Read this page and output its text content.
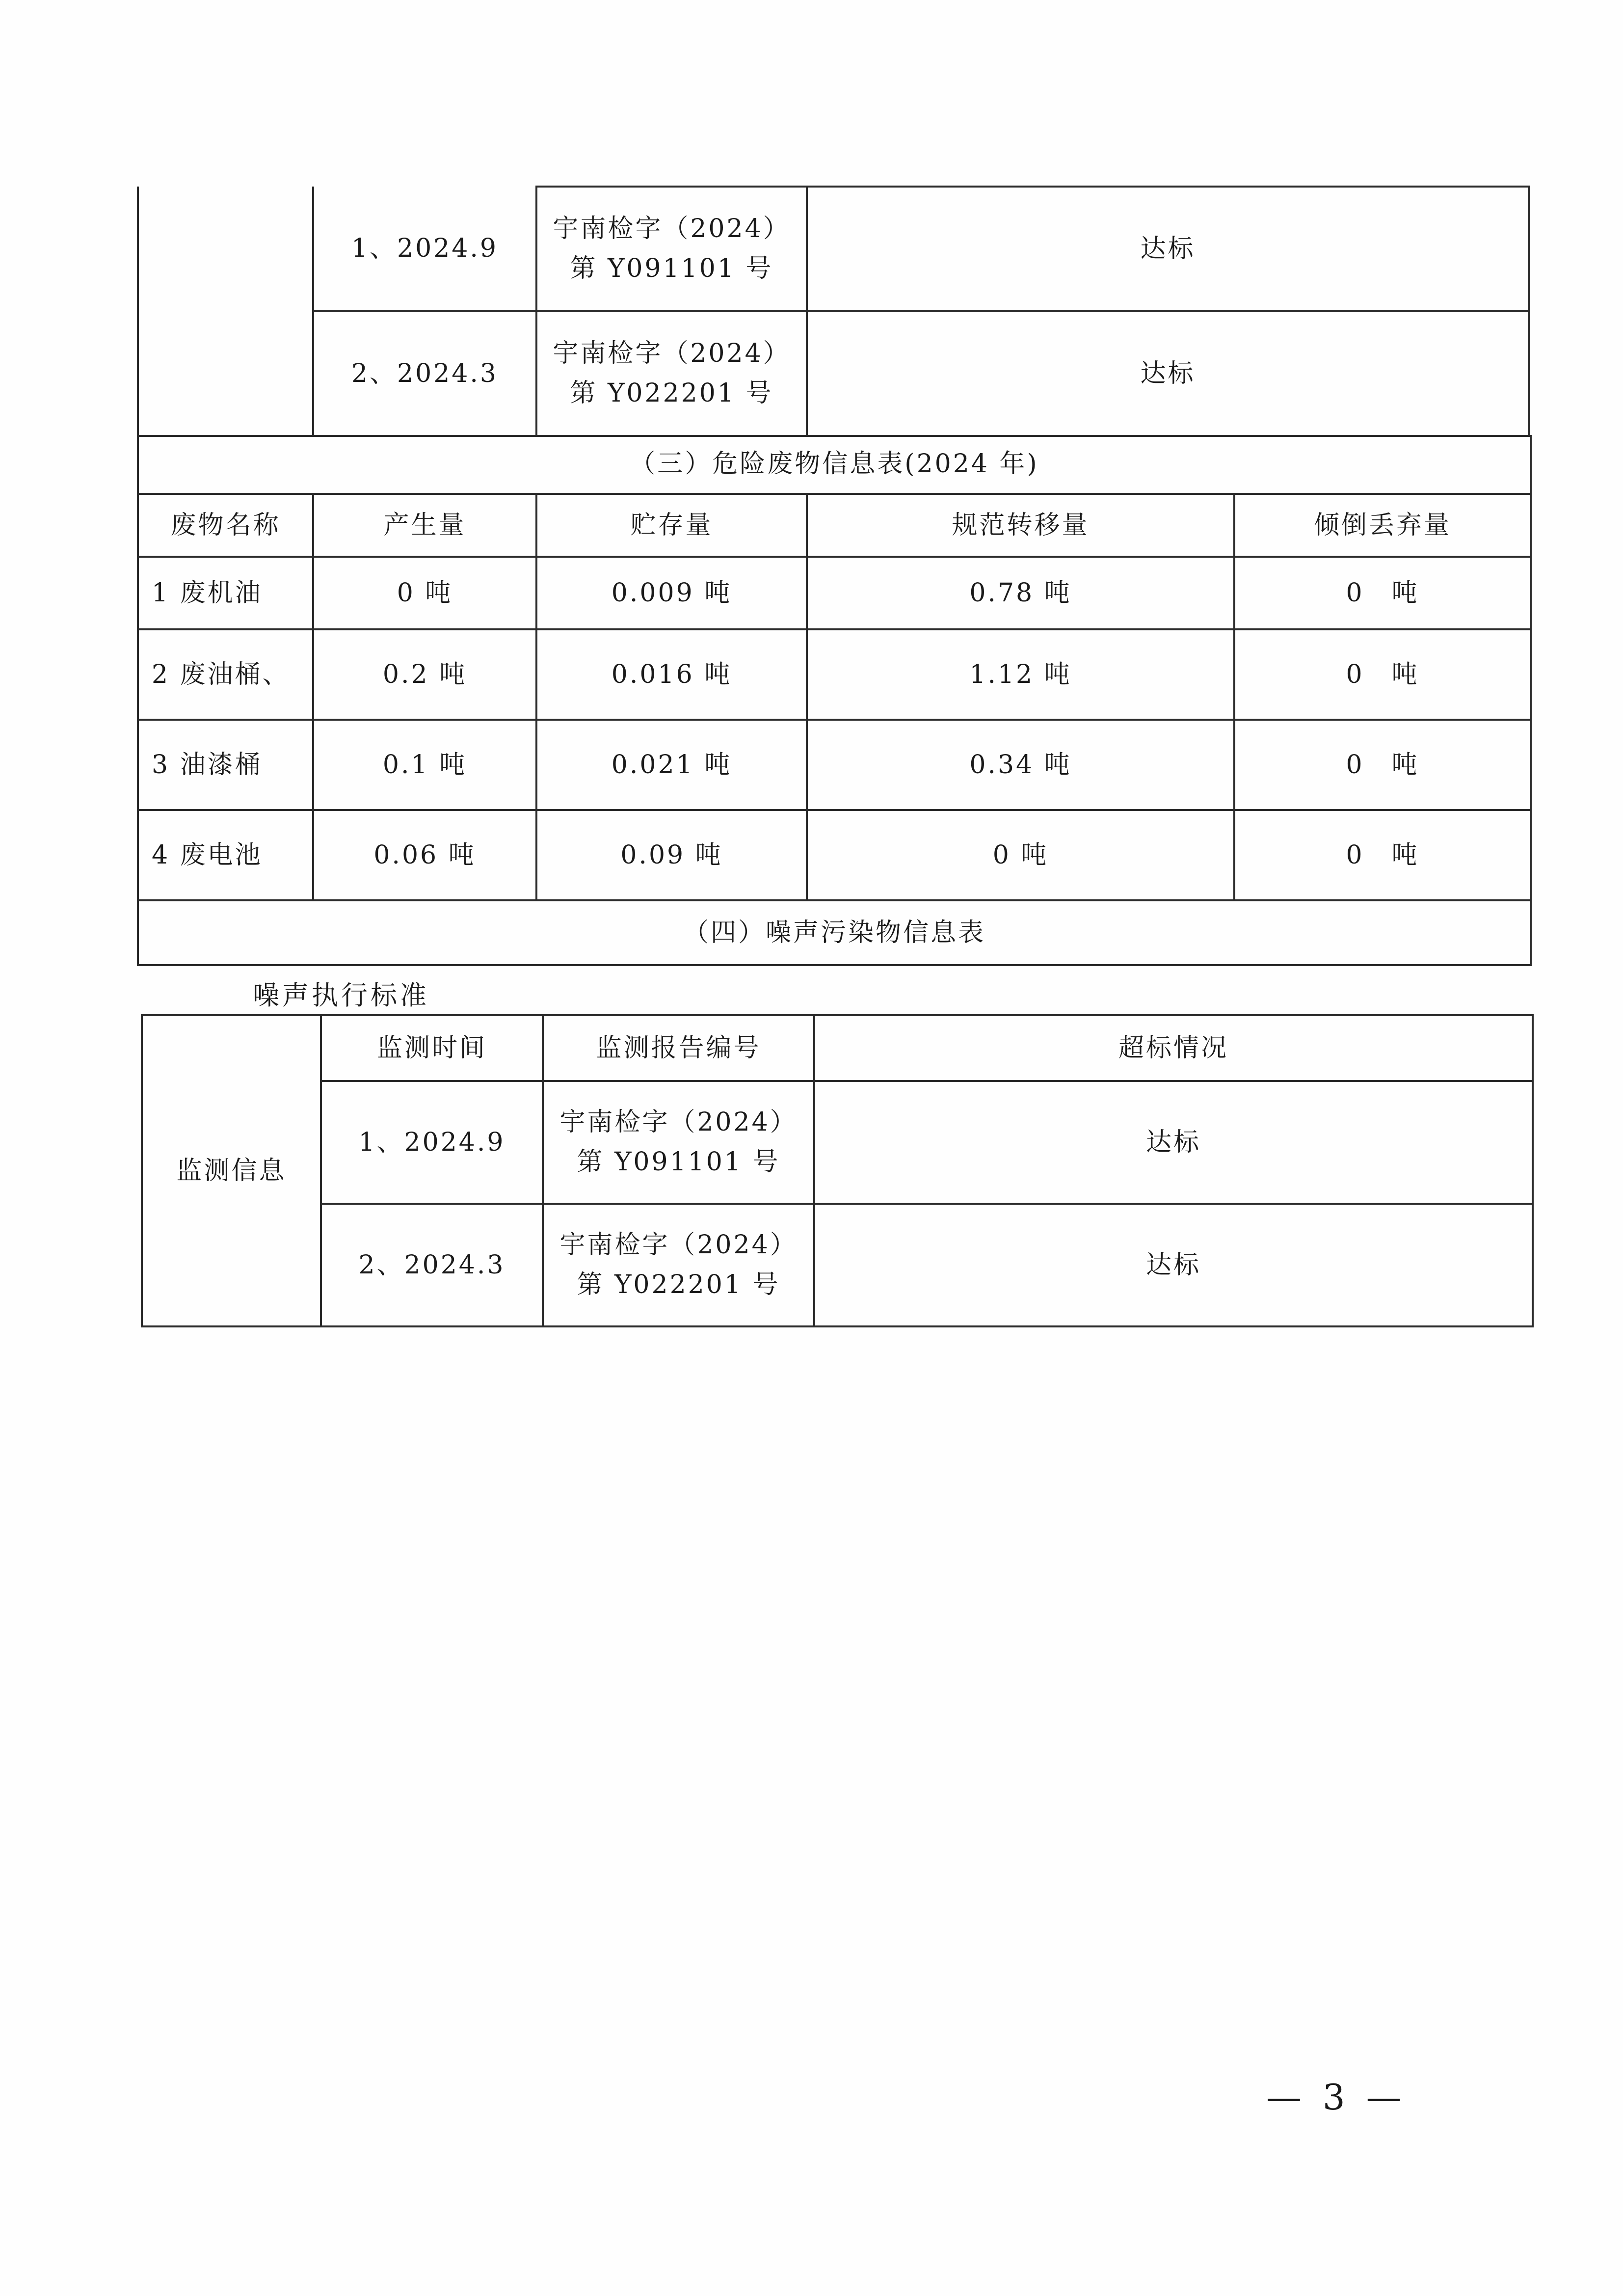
	1、2024.9	宇南检字（2024）
第 Y091101 号	达标
	2、2024.3	宇南检字（2024）
第 Y022201 号	达标
（三）危险废物信息表(2024 年)				
废物名称	产生量	贮存量	规范转移量	倾倒丢弃量
1 废机油	0 吨	0.009 吨	0.78 吨	0　吨
2 废油桶、	0.2 吨	0.016 吨	1.12 吨	0　吨
3 油漆桶	0.1 吨	0.021 吨	0.34 吨	0　吨
4 废电池	0.06 吨	0.09 吨	0 吨	0　吨
（四）噪声污染物信息表				
噪声执行标准
监测信息	监测时间	监测报告编号	超标情况
	1、2024.9	宇南检字（2024）
第 Y091101 号	达标
	2、2024.3	宇南检字（2024）
第 Y022201 号	达标
— 3 —
